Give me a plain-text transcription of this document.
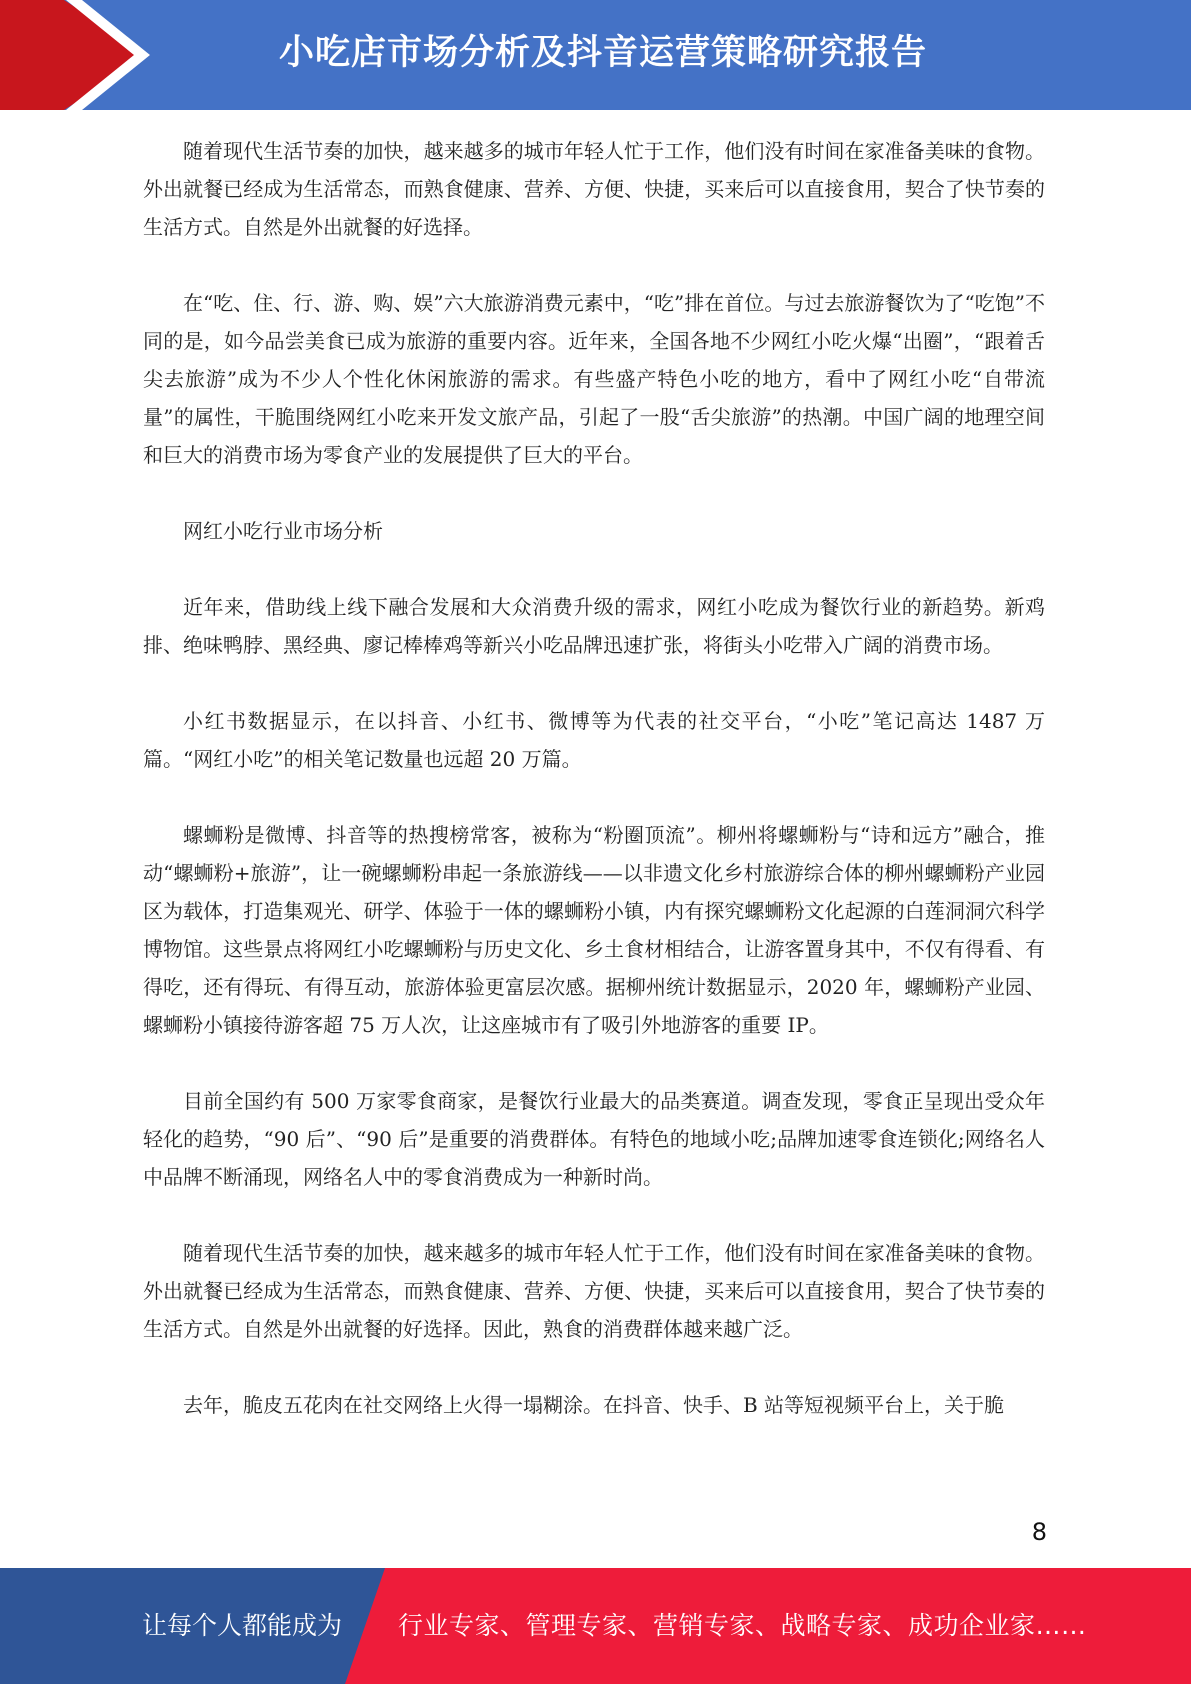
小吃店市场分析及抖音运营策略研究报告

随着现代生活节奏的加快，越来越多的城市年轻人忙于工作，他们没有时间在家准备美味的食物。外出就餐已经成为生活常态，而熟食健康、营养、方便、快捷，买来后可以直接食用，契合了快节奏的生活方式。自然是外出就餐的好选择。

在“吃、住、行、游、购、娱”六大旅游消费元素中，“吃”排在首位。与过去旅游餐饮为了“吃饱”不同的是，如今品尝美食已成为旅游的重要内容。近年来，全国各地不少网红小吃火爆“出圈”，“跟着舌尖去旅游”成为不少人个性化休闲旅游的需求。有些盛产特色小吃的地方，看中了网红小吃“自带流量”的属性，干脆围绕网红小吃来开发文旅产品，引起了一股“舌尖旅游”的热潮。中国广阔的地理空间和巨大的消费市场为零食产业的发展提供了巨大的平台。

网红小吃行业市场分析

近年来，借助线上线下融合发展和大众消费升级的需求，网红小吃成为餐饮行业的新趋势。新鸡排、绝味鸭脖、黑经典、廖记棒棒鸡等新兴小吃品牌迅速扩张，将街头小吃带入广阔的消费市场。

小红书数据显示，在以抖音、小红书、微博等为代表的社交平台，“小吃”笔记高达 1487 万篇。“网红小吃”的相关笔记数量也远超 20 万篇。

螺蛳粉是微博、抖音等的热搜榜常客，被称为“粉圈顶流”。柳州将螺蛳粉与“诗和远方”融合，推动“螺蛳粉+旅游”，让一碗螺蛳粉串起一条旅游线——以非遗文化乡村旅游综合体的柳州螺蛳粉产业园区为载体，打造集观光、研学、体验于一体的螺蛳粉小镇，内有探究螺蛳粉文化起源的白莲洞洞穴科学博物馆。这些景点将网红小吃螺蛳粉与历史文化、乡土食材相结合，让游客置身其中，不仅有得看、有得吃，还有得玩、有得互动，旅游体验更富层次感。据柳州统计数据显示，2020 年，螺蛳粉产业园、螺蛳粉小镇接待游客超 75 万人次，让这座城市有了吸引外地游客的重要 IP。

目前全国约有 500 万家零食商家，是餐饮行业最大的品类赛道。调查发现，零食正呈现出受众年轻化的趋势，“90 后”、“90 后”是重要的消费群体。有特色的地域小吃;品牌加速零食连锁化;网络名人中品牌不断涌现，网络名人中的零食消费成为一种新时尚。

随着现代生活节奏的加快，越来越多的城市年轻人忙于工作，他们没有时间在家准备美味的食物。外出就餐已经成为生活常态，而熟食健康、营养、方便、快捷，买来后可以直接食用，契合了快节奏的生活方式。自然是外出就餐的好选择。因此，熟食的消费群体越来越广泛。

去年，脆皮五花肉在社交网络上火得一塌糊涂。在抖音、快手、B 站等短视频平台上，关于脆

8
让每个人都能成为 行业专家、管理专家、营销专家、战略专家、成功企业家……
